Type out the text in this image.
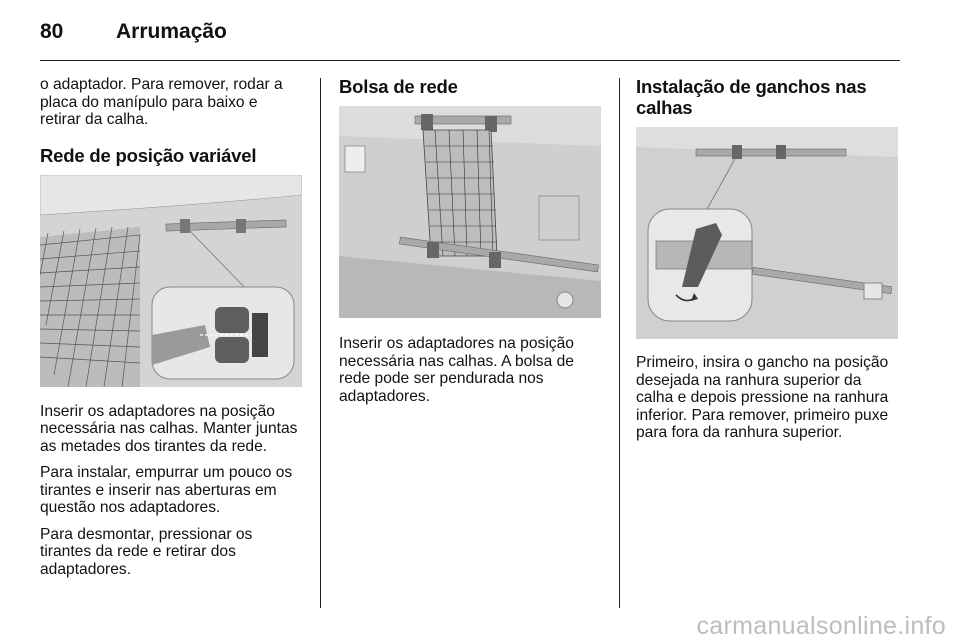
80	Arrumação

o adaptador. Para remover, rodar a placa do manípulo para baixo e retirar da calha.

Rede de posição variável

Inserir os adaptadores na posição necessária nas calhas. Manter juntas as metades dos tirantes da rede.

Para instalar, empurrar um pouco os tirantes e inserir nas aberturas em questão nos adaptadores.

Para desmontar, pressionar os tirantes da rede e retirar dos adaptadores.

Bolsa de rede

Inserir os adaptadores na posição necessária nas calhas. A bolsa de rede pode ser pendurada nos adaptadores.

Instalação de ganchos nas calhas

Primeiro, insira o gancho na posição desejada na ranhura superior da calha e depois pressione na ranhura inferior. Para remover, primeiro puxe para fora da ranhura superior.

carmanualsonline.info
